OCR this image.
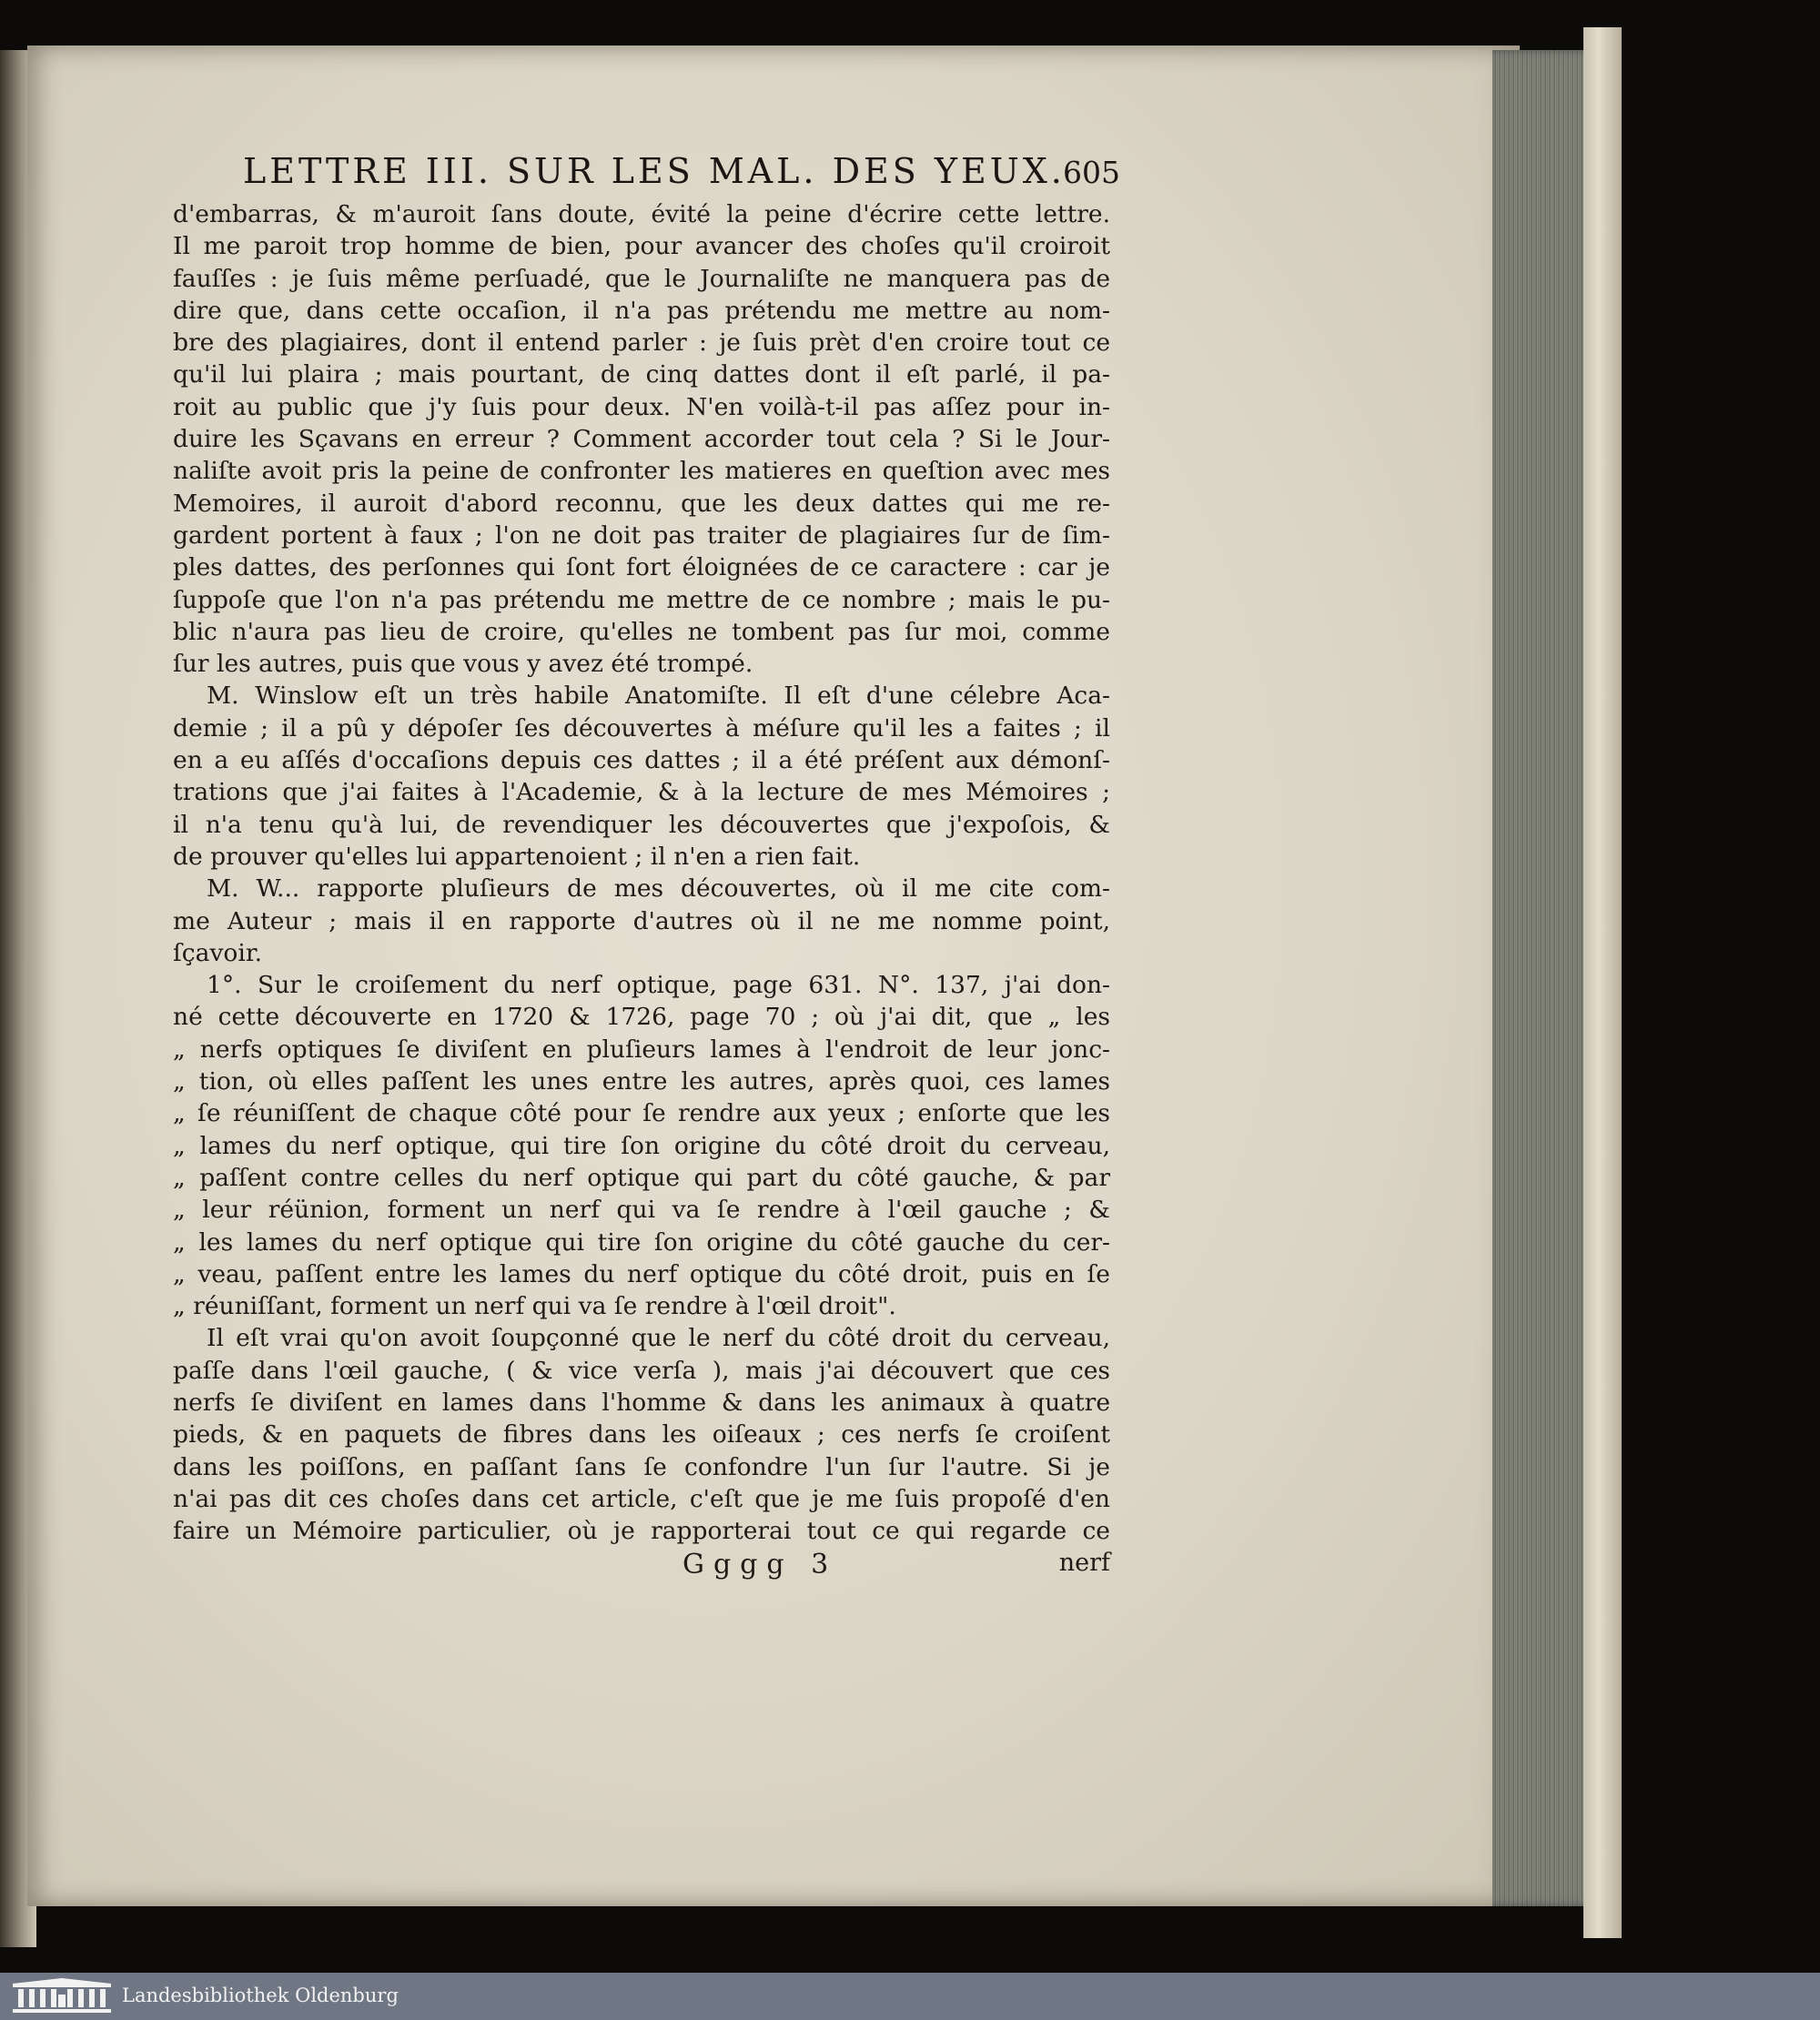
LETTRE III. SUR LES MAL. DES YEUX.
605
d'embarras, & m'auroit ſans doute, évité la peine d'écrire cette lettre.
Il me paroit trop homme de bien, pour avancer des choſes qu'il croiroit
fauſſes : je ſuis même perſuadé, que le Journaliſte ne manquera pas de
dire que, dans cette occaſion, il n'a pas prétendu me mettre au nom-
bre des plagiaires, dont il entend parler : je ſuis prèt d'en croire tout ce
qu'il lui plaira ; mais pourtant, de cinq dattes dont il eſt parlé, il pa-
roit au public que j'y ſuis pour deux. N'en voilà-t-il pas aſſez pour in-
duire les Sçavans en erreur ? Comment accorder tout cela ? Si le Jour-
naliſte avoit pris la peine de confronter les matieres en queſtion avec mes
Memoires, il auroit d'abord reconnu, que les deux dattes qui me re-
gardent portent à faux ; l'on ne doit pas traiter de plagiaires ſur de ſim-
ples dattes, des perſonnes qui ſont fort éloignées de ce caractere : car je
ſuppoſe que l'on n'a pas prétendu me mettre de ce nombre ; mais le pu-
blic n'aura pas lieu de croire, qu'elles ne tombent pas ſur moi, comme
ſur les autres, puis que vous y avez été trompé.
M. Winslow eſt un très habile Anatomiſte. Il eſt d'une célebre Aca-
demie ; il a pû y dépoſer ſes découvertes à méſure qu'il les a faites ; il
en a eu aſſés d'occaſions depuis ces dattes ; il a été préſent aux démonſ-
trations que j'ai faites à l'Academie, & à la lecture de mes Mémoires ;
il n'a tenu qu'à lui, de revendiquer les découvertes que j'expoſois, &
de prouver qu'elles lui appartenoient ; il n'en a rien fait.
M. W... rapporte pluſieurs de mes découvertes, où il me cite com-
me Auteur ; mais il en rapporte d'autres où il ne me nomme point,
ſçavoir.
1°. Sur le croiſement du nerf optique, page 631. N°. 137, j'ai don-
né cette découverte en 1720 & 1726, page 70 ; où j'ai dit, que „ les
„ nerfs optiques ſe diviſent en pluſieurs lames à l'endroit de leur jonc-
„ tion, où elles paſſent les unes entre les autres, après quoi, ces lames
„ ſe réuniſſent de chaque côté pour ſe rendre aux yeux ; enſorte que les
„ lames du nerf optique, qui tire ſon origine du côté droit du cerveau,
„ paſſent contre celles du nerf optique qui part du côté gauche, & par
„ leur réünion, forment un nerf qui va ſe rendre à l'œil gauche ; &
„ les lames du nerf optique qui tire ſon origine du côté gauche du cer-
„ veau, paſſent entre les lames du nerf optique du côté droit, puis en ſe
„ réuniſſant, forment un nerf qui va ſe rendre à l'œil droit".
Il eſt vrai qu'on avoit ſoupçonné que le nerf du côté droit du cerveau,
paſſe dans l'œil gauche, ( & vice verſa ), mais j'ai découvert que ces
nerfs ſe diviſent en lames dans l'homme & dans les animaux à quatre
pieds, & en paquets de fibres dans les oiſeaux ; ces nerfs ſe croiſent
dans les poiſſons, en paſſant ſans ſe confondre l'un ſur l'autre. Si je
n'ai pas dit ces choſes dans cet article, c'eſt que je me ſuis propoſé d'en
faire un Mémoire particulier, où je rapporterai tout ce qui regarde ce
Gggg 3	nerf
Landesbibliothek Oldenburg
